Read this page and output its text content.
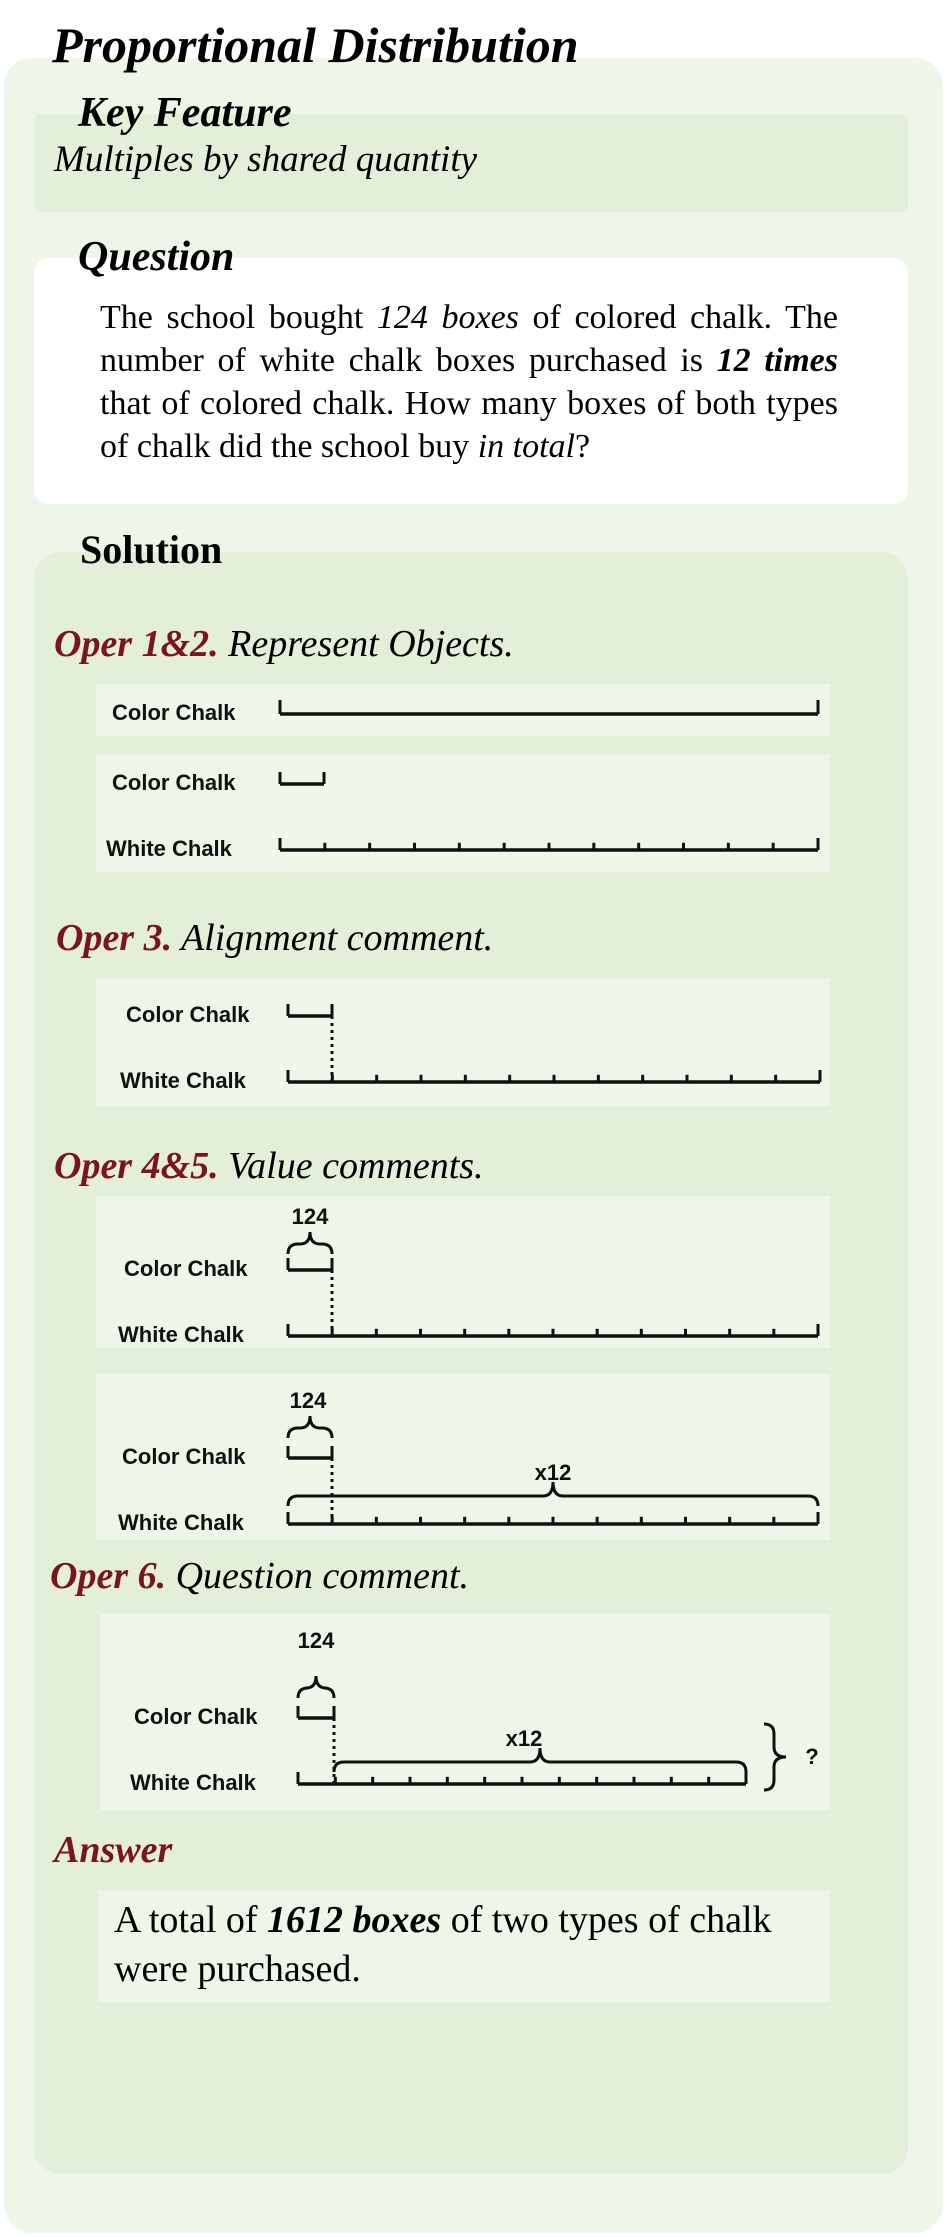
Proportional Distribution
Key Feature
Multiples by shared quantity
Question
The school bought 124 boxes of colored chalk. The number of white chalk boxes purchased is 12 times that of colored chalk. How many boxes of both types of chalk did the school buy in total?
Solution
Oper 1&2. Represent Objects.
Oper 3. Alignment comment.
Oper 4&5. Value comments.
Oper 6. Question comment.
Color Chalk
Color Chalk
White Chalk
Color Chalk
White Chalk
124
Color Chalk
White Chalk
124
Color Chalk
White Chalk
x12
124
Color Chalk
White Chalk
x12
?
Answer
A total of 1612 boxes of two types of chalk were purchased.
